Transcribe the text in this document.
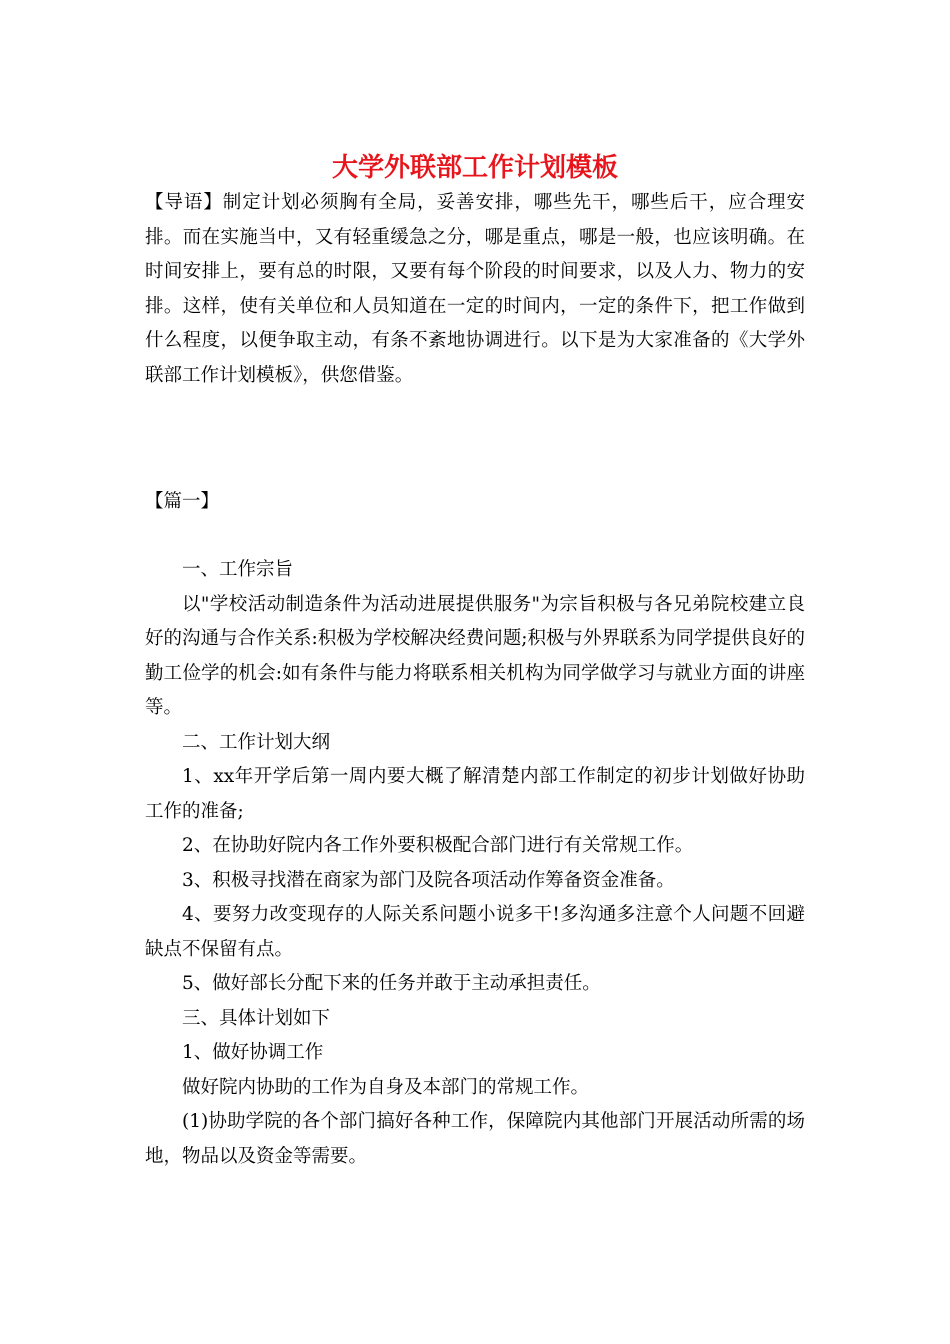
大学外联部工作计划模板

【导语】制定计划必须胸有全局，妥善安排，哪些先干，哪些后干，应合理安排。而在实施当中，又有轻重缓急之分，哪是重点，哪是一般，也应该明确。在时间安排上，要有总的时限，又要有每个阶段的时间要求，以及人力、物力的安排。这样，使有关单位和人员知道在一定的时间内，一定的条件下，把工作做到什么程度，以便争取主动，有条不紊地协调进行。以下是为大家准备的《大学外联部工作计划模板》，供您借鉴。

【篇一】

一、工作宗旨

以"学校活动制造条件为活动进展提供服务"为宗旨积极与各兄弟院校建立良好的沟通与合作关系:积极为学校解决经费问题;积极与外界联系为同学提供良好的勤工俭学的机会:如有条件与能力将联系相关机构为同学做学习与就业方面的讲座等。

二、工作计划大纲

1、xx年开学后第一周内要大概了解清楚内部工作制定的初步计划做好协助工作的准备;

2、在协助好院内各工作外要积极配合部门进行有关常规工作。

3、积极寻找潜在商家为部门及院各项活动作筹备资金准备。

4、要努力改变现存的人际关系问题小说多干!多沟通多注意个人问题不回避缺点不保留有点。

5、做好部长分配下来的任务并敢于主动承担责任。

三、具体计划如下

1、做好协调工作

做好院内协助的工作为自身及本部门的常规工作。

(1)协助学院的各个部门搞好各种工作，保障院内其他部门开展活动所需的场地，物品以及资金等需要。
